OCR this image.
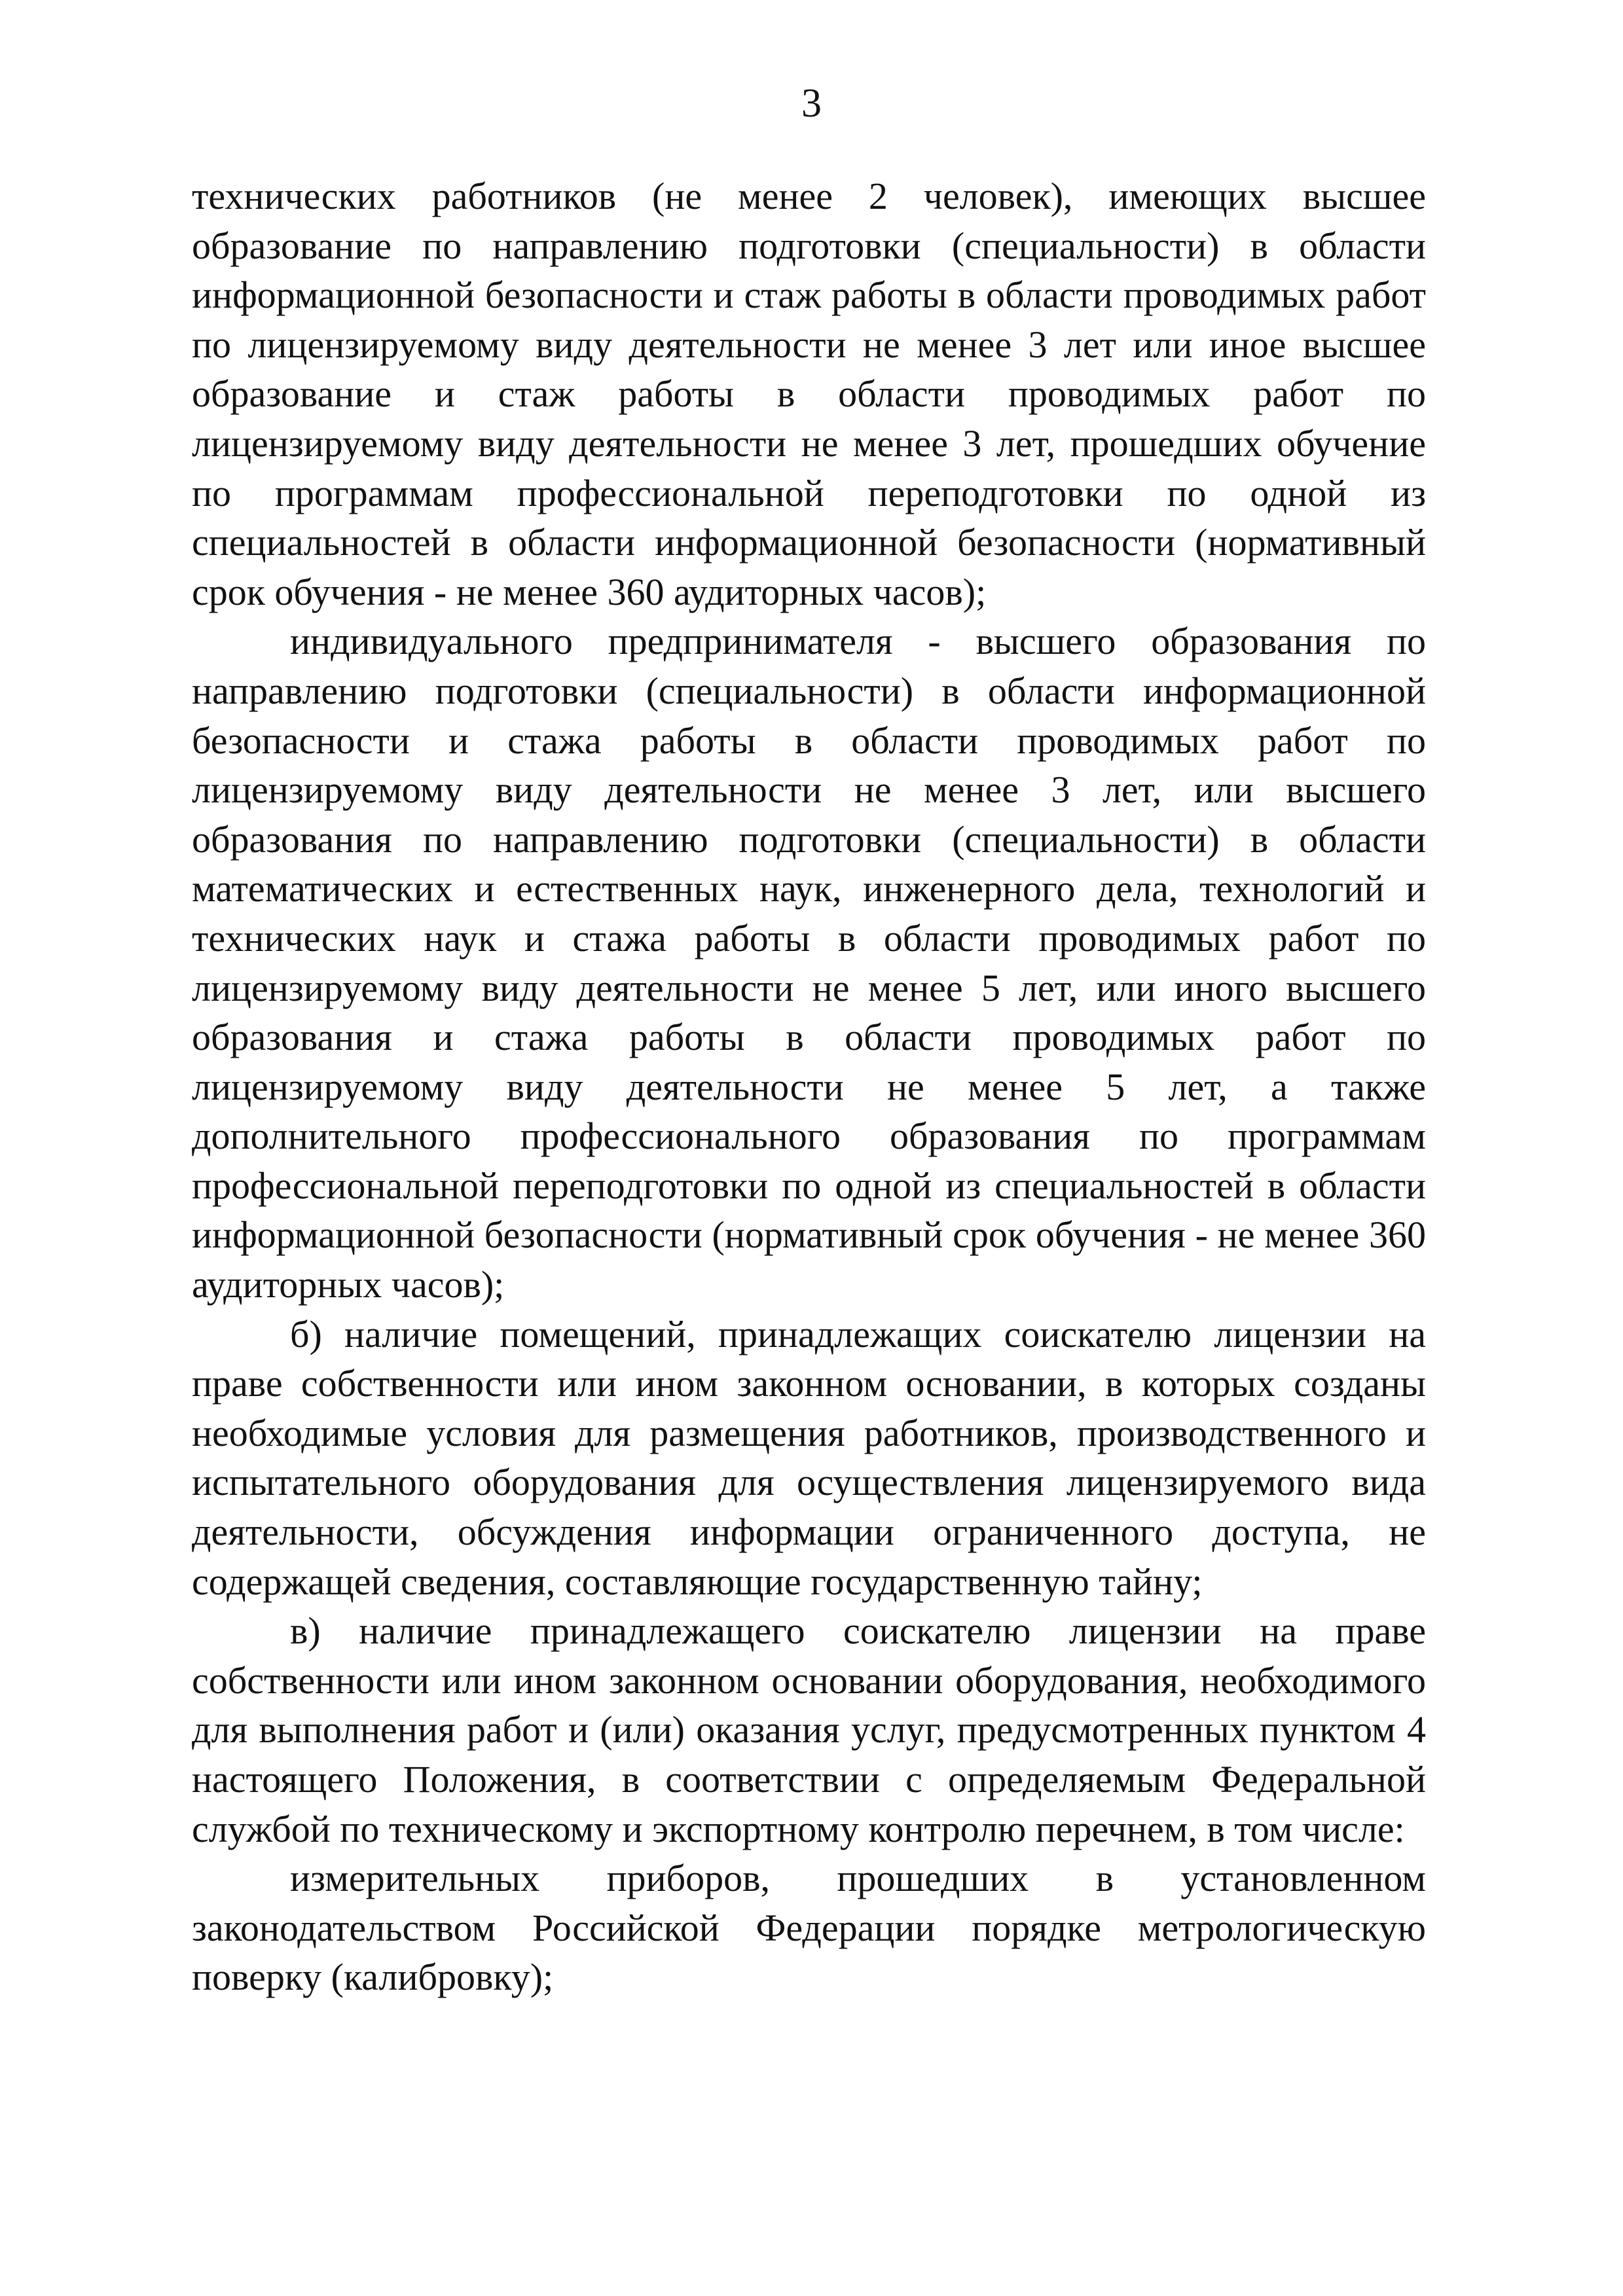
3

технических работников (не менее 2 человек), имеющих высшее образование по направлению подготовки (специальности) в области информационной безопасности и стаж работы в области проводимых работ по лицензируемому виду деятельности не менее 3 лет или иное высшее образование и стаж работы в области проводимых работ по лицензируемому виду деятельности не менее 3 лет, прошедших обучение по программам профессиональной переподготовки по одной из специальностей в области информационной безопасности (нормативный срок обучения - не менее 360 аудиторных часов);

индивидуального предпринимателя - высшего образования по направлению подготовки (специальности) в области информационной безопасности и стажа работы в области проводимых работ по лицензируемому виду деятельности не менее 3 лет, или высшего образования по направлению подготовки (специальности) в области математических и естественных наук, инженерного дела, технологий и технических наук и стажа работы в области проводимых работ по лицензируемому виду деятельности не менее 5 лет, или иного высшего образования и стажа работы в области проводимых работ по лицензируемому виду деятельности не менее 5 лет, а также дополнительного профессионального образования по программам профессиональной переподготовки по одной из специальностей в области информационной безопасности (нормативный срок обучения - не менее 360 аудиторных часов);

б) наличие помещений, принадлежащих соискателю лицензии на праве собственности или ином законном основании, в которых созданы необходимые условия для размещения работников, производственного и испытательного оборудования для осуществления лицензируемого вида деятельности, обсуждения информации ограниченного доступа, не содержащей сведения, составляющие государственную тайну;

в) наличие принадлежащего соискателю лицензии на праве собственности или ином законном основании оборудования, необходимого для выполнения работ и (или) оказания услуг, предусмотренных пунктом 4 настоящего Положения, в соответствии с определяемым Федеральной службой по техническому и экспортному контролю перечнем, в том числе:

измерительных приборов, прошедших в установленном законодательством Российской Федерации порядке метрологическую поверку (калибровку);
